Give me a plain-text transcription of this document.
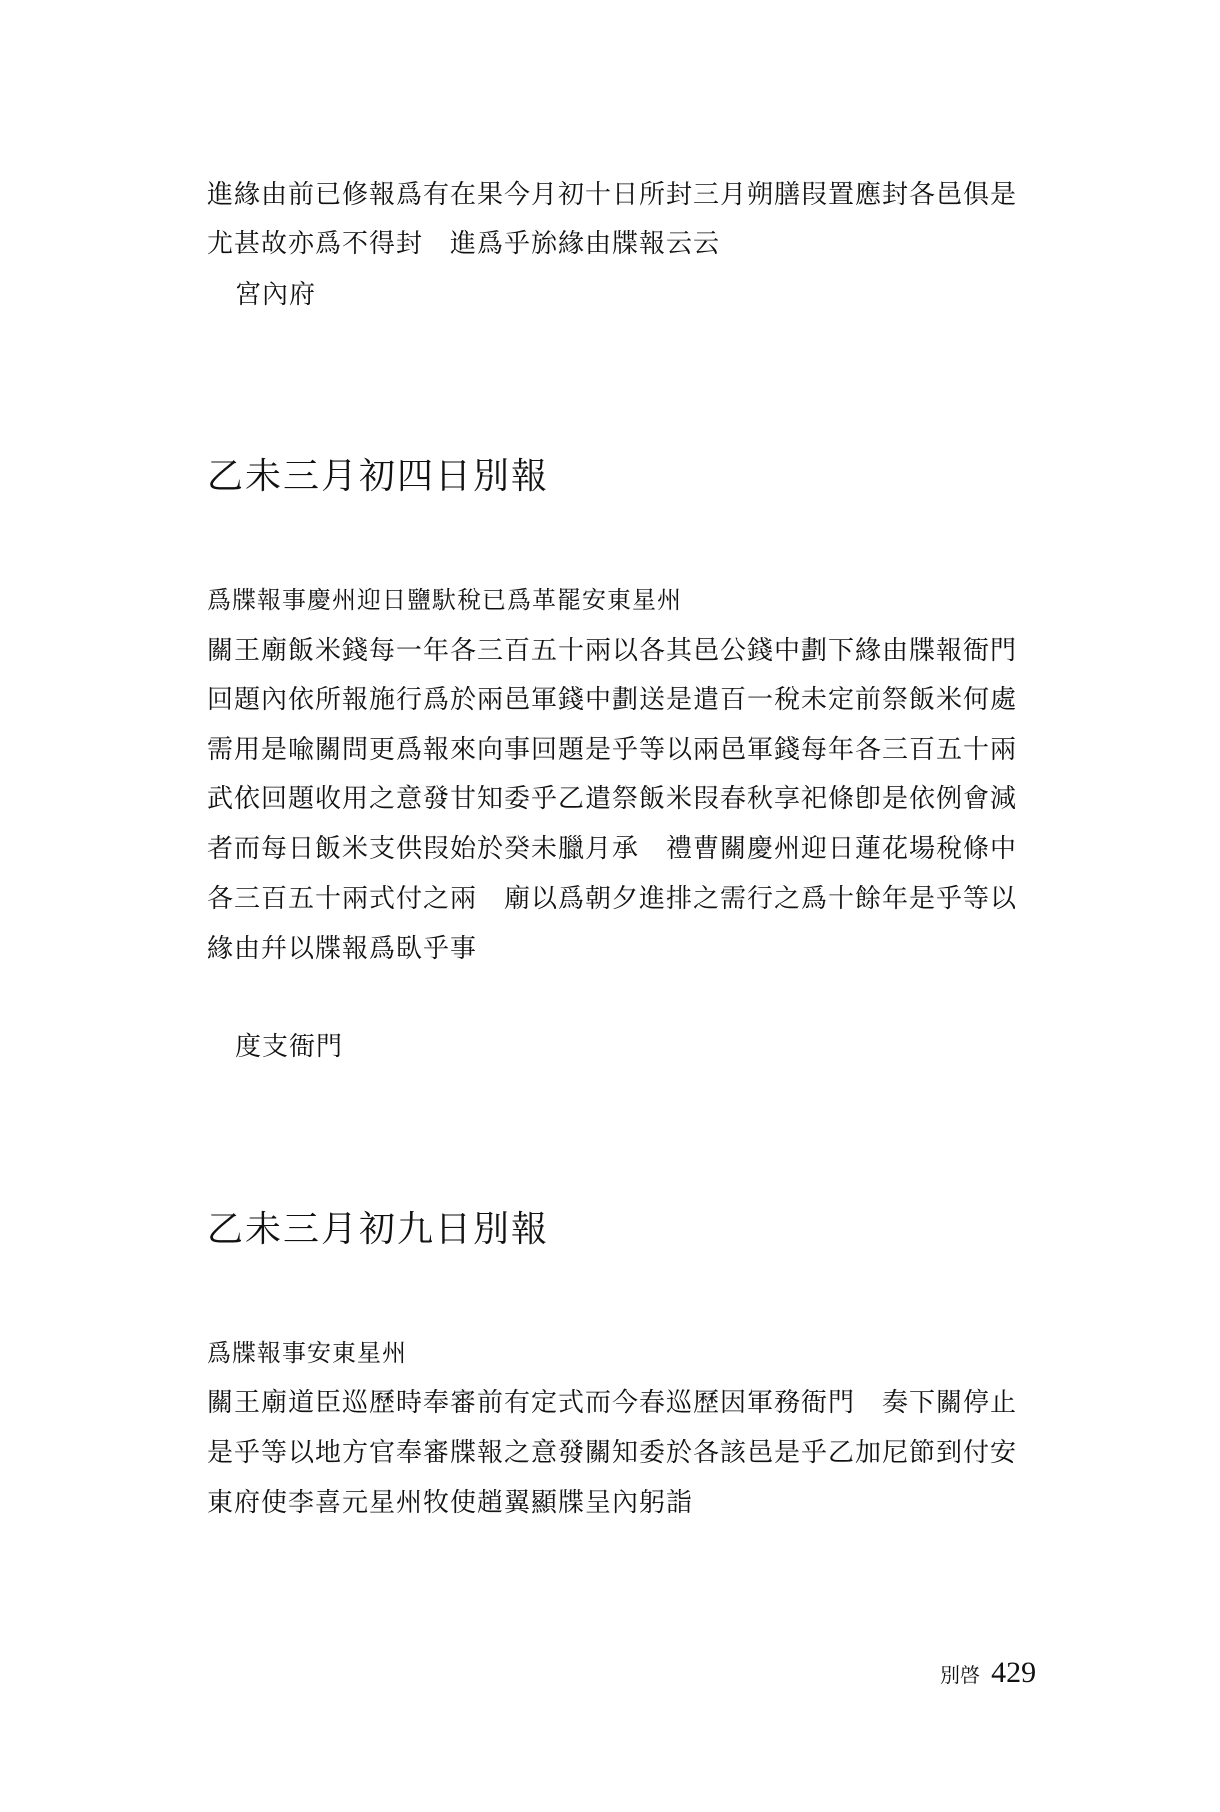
進緣由前已修報爲有在果今月初十日所封三月朔膳叚置應封各邑俱是
尤甚故亦爲不得封　進爲乎旀緣由牒報云云
宮內府
乙未三月初四日別報
爲牒報事慶州迎日鹽馱稅已爲革罷安東星州
關王廟飯米錢每一年各三百五十兩以各其邑公錢中劃下緣由牒報衙門
回題內依所報施行爲於兩邑軍錢中劃送是遣百一稅未定前祭飯米何處
需用是喩關問更爲報來向事回題是乎等以兩邑軍錢每年各三百五十兩
武依回題收用之意發甘知委乎乙遣祭飯米叚春秋享祀條卽是依例會減
者而每日飯米支供叚始於癸未臘月承　禮曹關慶州迎日蓮花場稅條中
各三百五十兩式付之兩　廟以爲朝夕進排之需行之爲十餘年是乎等以
緣由幷以牒報爲臥乎事
度支衙門
乙未三月初九日別報
爲牒報事安東星州
關王廟道臣巡歷時奉審前有定式而今春巡歷因軍務衙門　奏下關停止
是乎等以地方官奉審牒報之意發關知委於各該邑是乎乙加尼節到付安
東府使李喜元星州牧使趙翼顯牒呈內躬詣
別啓 429
